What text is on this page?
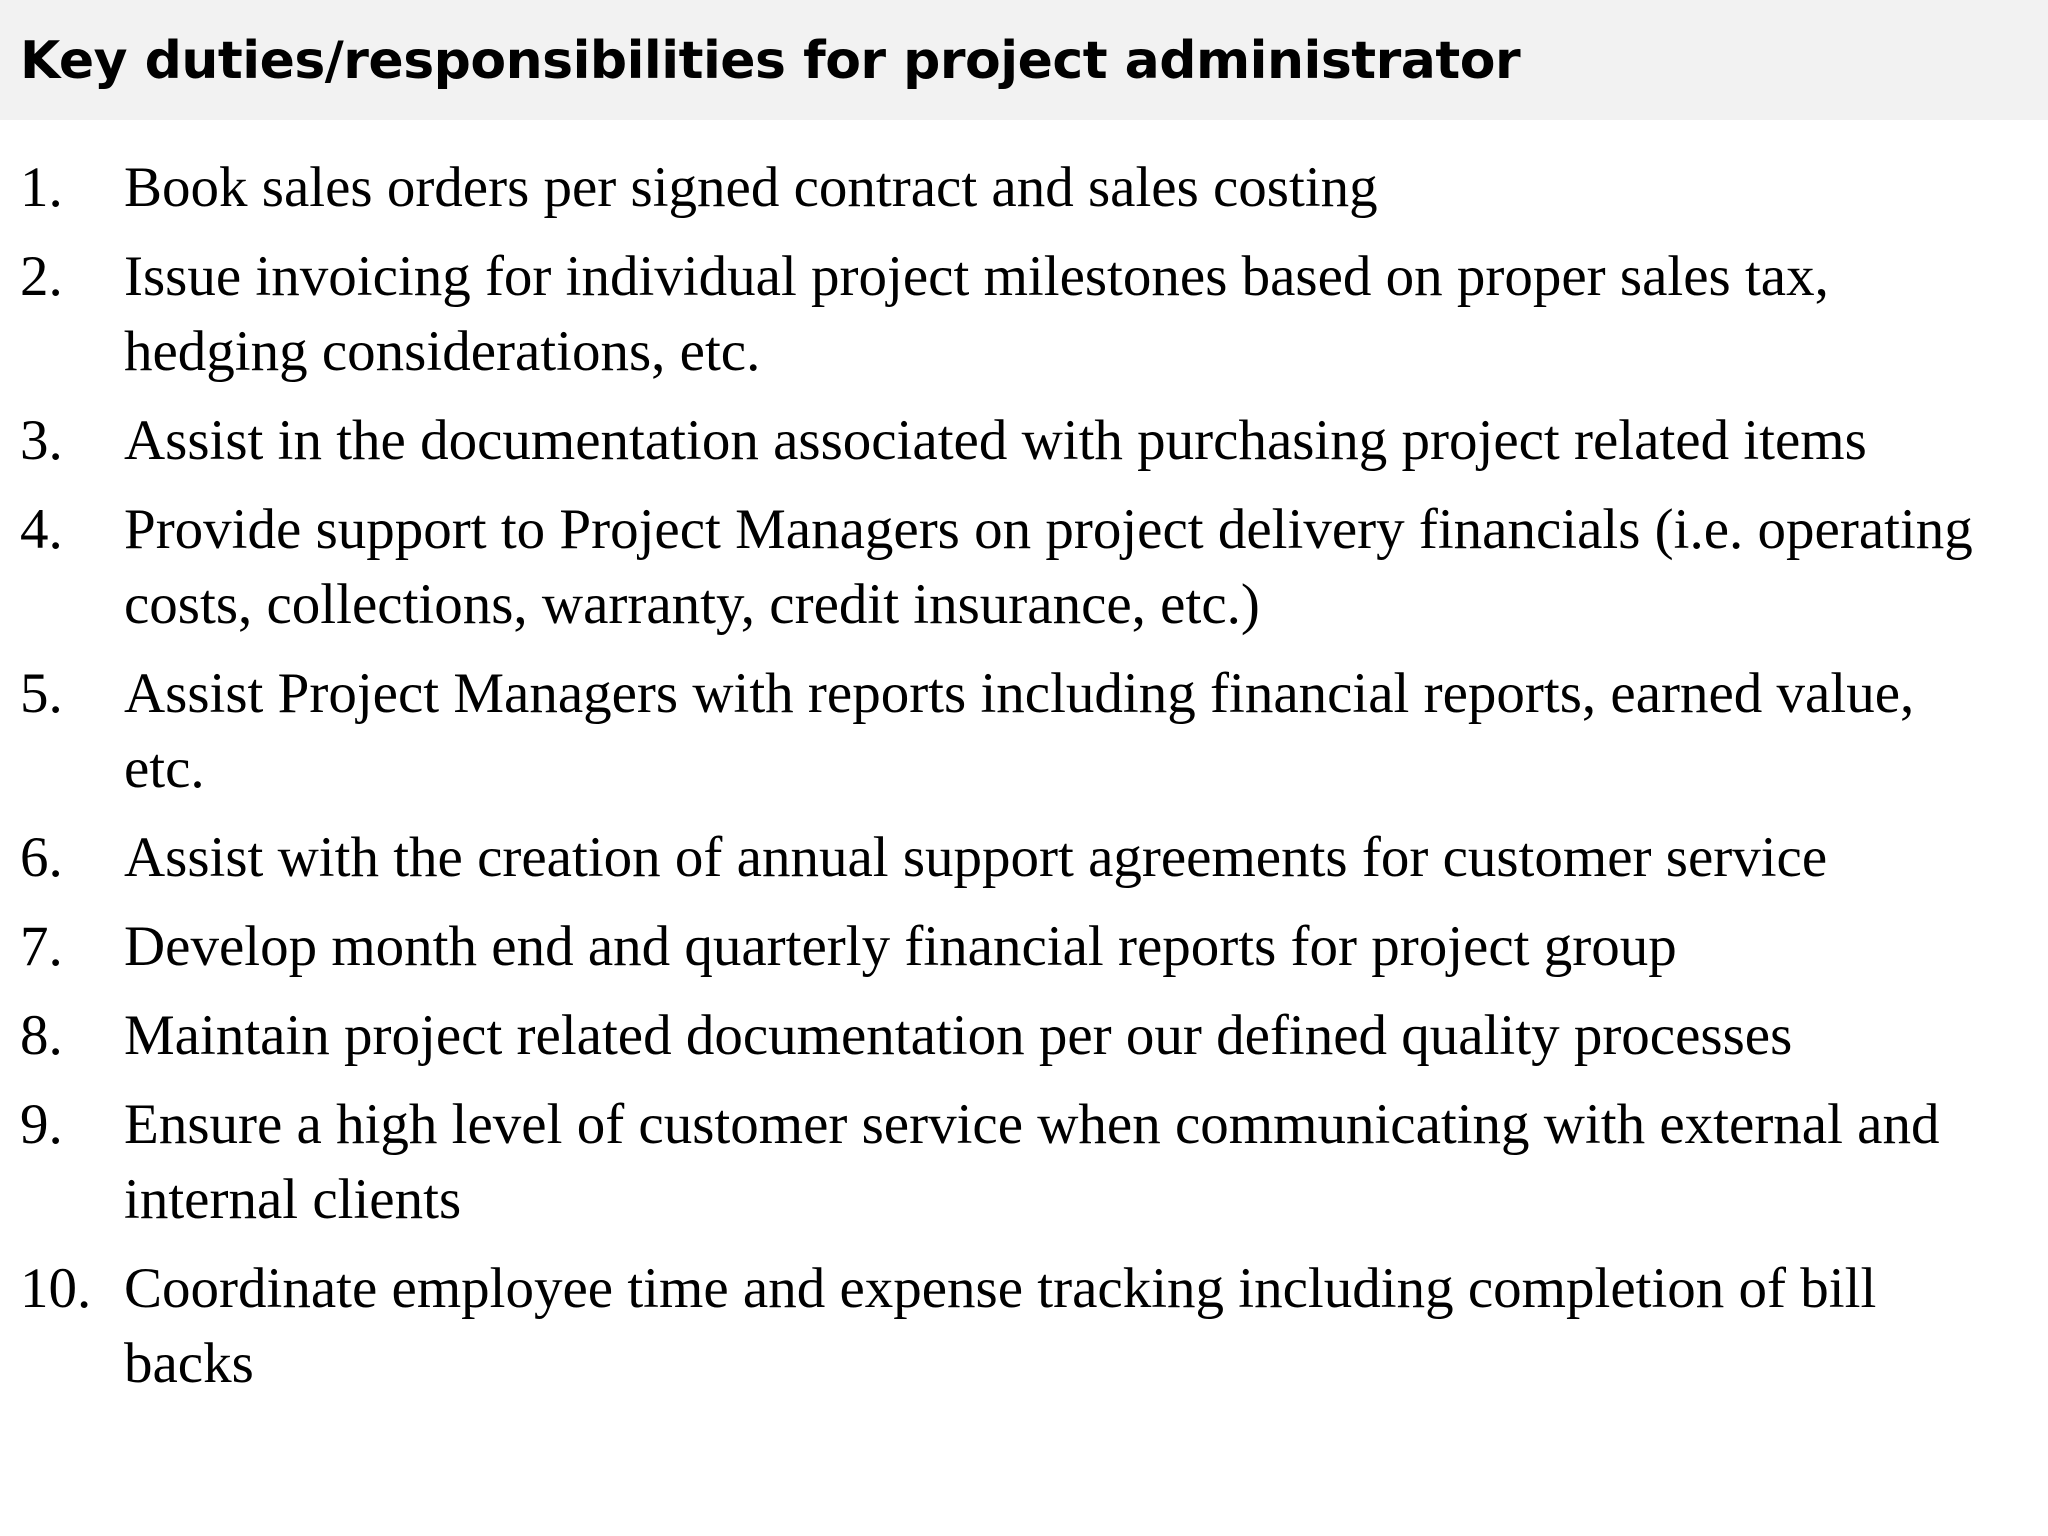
Key duties/responsibilities for project administrator
1. Book sales orders per signed contract and sales costing
2. Issue invoicing for individual project milestones based on proper sales tax, hedging considerations, etc.
3. Assist in the documentation associated with purchasing project related items
4. Provide support to Project Managers on project delivery financials (i.e. operating costs, collections, warranty, credit insurance, etc.)
5. Assist Project Managers with reports including financial reports, earned value, etc.
6. Assist with the creation of annual support agreements for customer service
7. Develop month end and quarterly financial reports for project group
8. Maintain project related documentation per our defined quality processes
9. Ensure a high level of customer service when communicating with external and internal clients
10. Coordinate employee time and expense tracking including completion of bill backs
